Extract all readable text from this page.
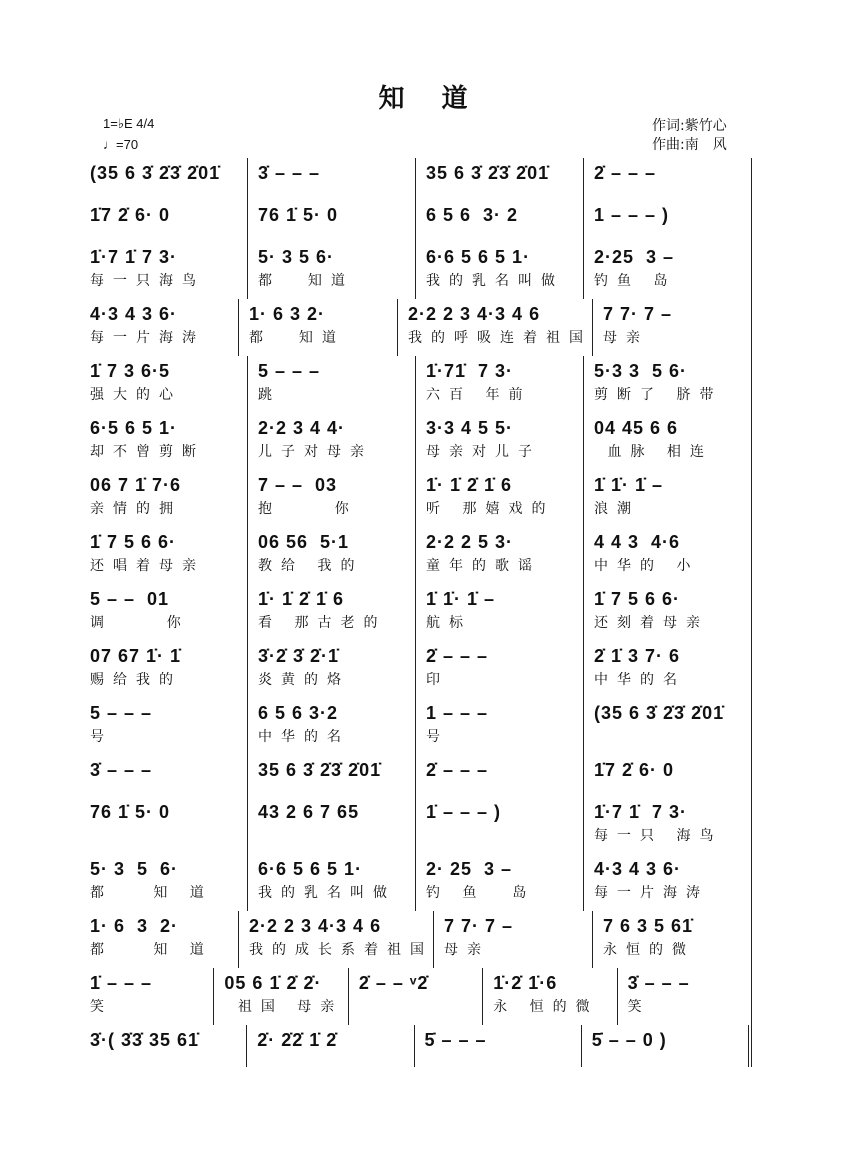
知 道
1=♭E 4/4
♩=70
作词:紫竹心
作曲:南　风
(35 6 3̇ 2̇3̇ 2̇01̇	3̇ – – –	35 6 3̇ 2̇3̇ 2̇01̇	2̇ – – –
1̇7 2̇ 6· 0	76 1̇ 5· 0	6 5 6  3· 2	1 – – – )
1̇·7 1̇ 7 3·
每一只海鸟
5· 3 5 6·
都  知道
6·6 5 6 5 1·
我的乳名叫做
2·25  3 –
钓鱼 岛
4·3 4 3 6·
每一片海涛
1· 6 3 2·
都  知道
2·2 2 3 4·3 4 6
我的呼吸连着祖国
7 7· 7 –
母亲
1̇ 7 3 6·5
强大的心
5 – – –
跳
1̇·71̇  7 3·
六百 年前
5·3 3  5 6·
剪断了 脐带
6·5 6 5 1·
却不曾剪断
2·2 3 4 4·
儿子对母亲
3·3 4 5 5·
母亲对儿子
04 45 6 6
血脉 相连
06 7 1̇ 7·6
亲情的拥
7 – –  03
抱    你
1̇· 1̇ 2̇ 1̇ 6
听 那嬉戏的
1̇ 1̇· 1̇ –
浪潮
1̇ 7 5 6 6·
还唱着母亲
06 56  5·1
教给 我的
2·2 2 5 3·
童年的歌谣
4 4 3  4·6
中华的 小
5 – –  01
调    你
1̇· 1̇ 2̇ 1̇ 6
看 那古老的
1̇ 1̇· 1̇ –
航标
1̇ 7 5 6 6·
还刻着母亲
07 67 1̇· 1̇
赐给我的
3̇·2̇ 3̇ 2̇·1̇
炎黄的烙
2̇ – – –
印
2̇ 1̇ 3 7· 6
中华的名
5 – – –
号
6 5 6 3·2
中华的名
1 – – –
号
(35 6 3̇ 2̇3̇ 2̇01̇
3̇ – – –	35 6 3̇ 2̇3̇ 2̇01̇	2̇ – – –	1̇7 2̇ 6· 0
76 1̇ 5· 0	43 2 6 7 65	1̇ – – – )	1̇·7 1̇  7 3·
每一只 海鸟
5· 3  5  6·
都   知 道
6·6 5 6 5 1·
我的乳名叫做
2· 25  3 –
钓 鱼  岛
4·3 4 3 6·
每一片海涛
1· 6  3  2·
都   知 道
2·2 2 3 4·3 4 6
我的成长系着祖国
7 7· 7 –
母亲
7 6 3 5 61̇
永恒的微
1̇ – – –
笑
05 6 1̇ 2̇ 2̇·
祖国 母亲
2̇ – – ᵛ2̇	1̇·2̇ 1̇·6
永 恒的微
3̇ – – –
笑
3̇·( 3̇3̇ 35 61̇	2̇· 2̇2̇ 1̇ 2̇	5̇ – – –	5̇ – – 0 )
